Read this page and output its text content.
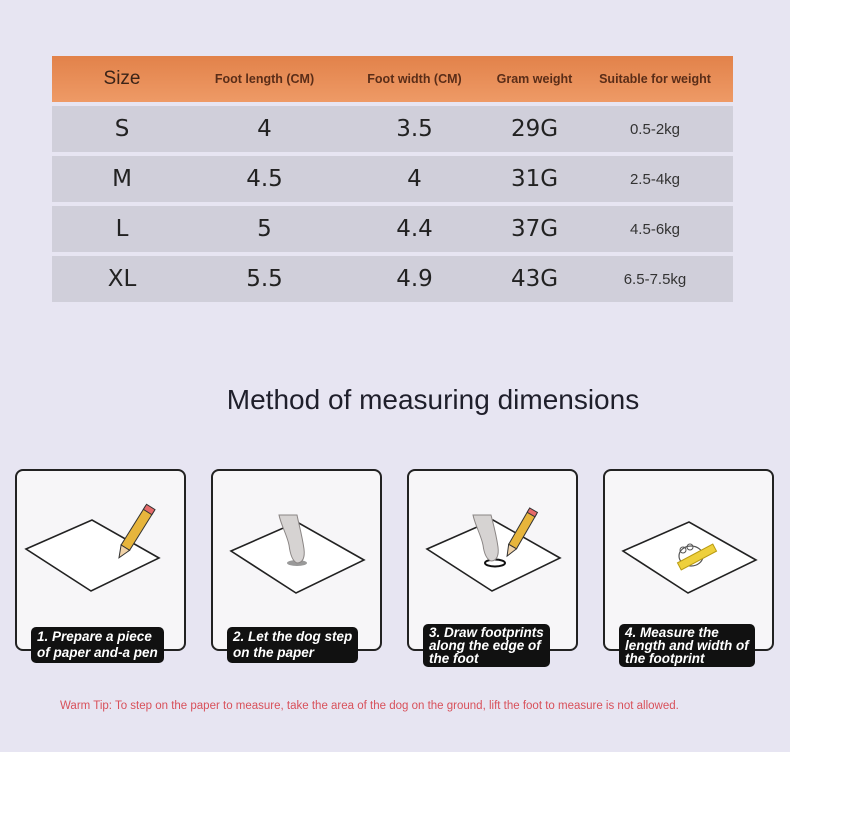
Size	Foot length (CM)	Foot width (CM)	Gram weight	Suitable for weight
S	4	3.5	29G	0.5-2kg
M	4.5	4	31G	2.5-4kg
L	5	4.4	37G	4.5-6kg
XL	5.5	4.9	43G	6.5-7.5kg
Method of measuring dimensions
1. Prepare a piece
of paper and-a pen
2. Let the dog step
on the paper
3. Draw footprints
along the edge of
the foot
4. Measure the
length and width of
the footprint
Warm Tip: To step on the paper to measure, take the area of the dog on the ground, lift the foot to measure is not allowed.
